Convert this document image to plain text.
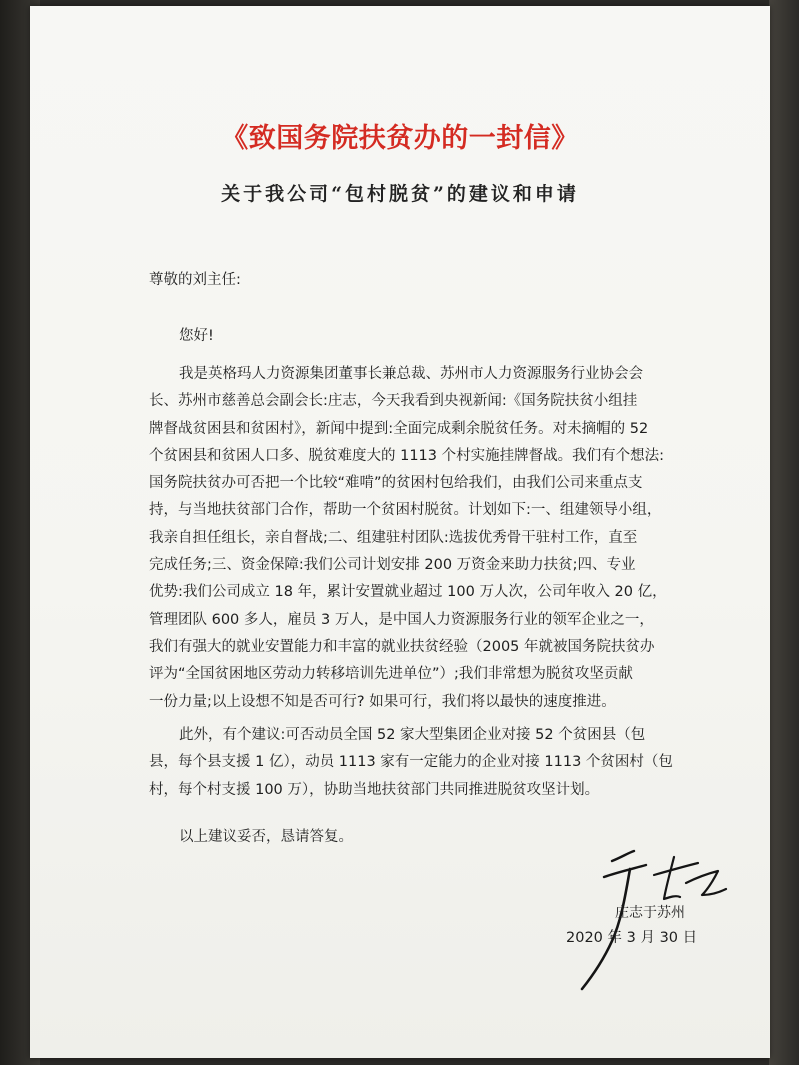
《致国务院扶贫办的一封信》
关于我公司“包村脱贫”的建议和申请
尊敬的刘主任:
您好!
我是英格玛人力资源集团董事长兼总裁、苏州市人力资源服务行业协会会
长、苏州市慈善总会副会长:庄志，今天我看到央视新闻:《国务院扶贫小组挂
牌督战贫困县和贫困村》，新闻中提到:全面完成剩余脱贫任务。对未摘帽的 52
个贫困县和贫困人口多、脱贫难度大的 1113 个村实施挂牌督战。我们有个想法:
国务院扶贫办可否把一个比较“难啃”的贫困村包给我们，由我们公司来重点支
持，与当地扶贫部门合作，帮助一个贫困村脱贫。计划如下:一、组建领导小组，
我亲自担任组长，亲自督战;二、组建驻村团队:选拔优秀骨干驻村工作，直至
完成任务;三、资金保障:我们公司计划安排 200 万资金来助力扶贫;四、专业
优势:我们公司成立 18 年，累计安置就业超过 100 万人次，公司年收入 20 亿，
管理团队 600 多人，雇员 3 万人，是中国人力资源服务行业的领军企业之一，
我们有强大的就业安置能力和丰富的就业扶贫经验（2005 年就被国务院扶贫办
评为“全国贫困地区劳动力转移培训先进单位”）;我们非常想为脱贫攻坚贡献
一份力量;以上设想不知是否可行? 如果可行，我们将以最快的速度推进。
此外，有个建议:可否动员全国 52 家大型集团企业对接 52 个贫困县（包
县，每个县支援 1 亿），动员 1113 家有一定能力的企业对接 1113 个贫困村（包
村，每个村支援 100 万），协助当地扶贫部门共同推进脱贫攻坚计划。
以上建议妥否，恳请答复。
庄志于苏州
2020 年 3 月 30 日
